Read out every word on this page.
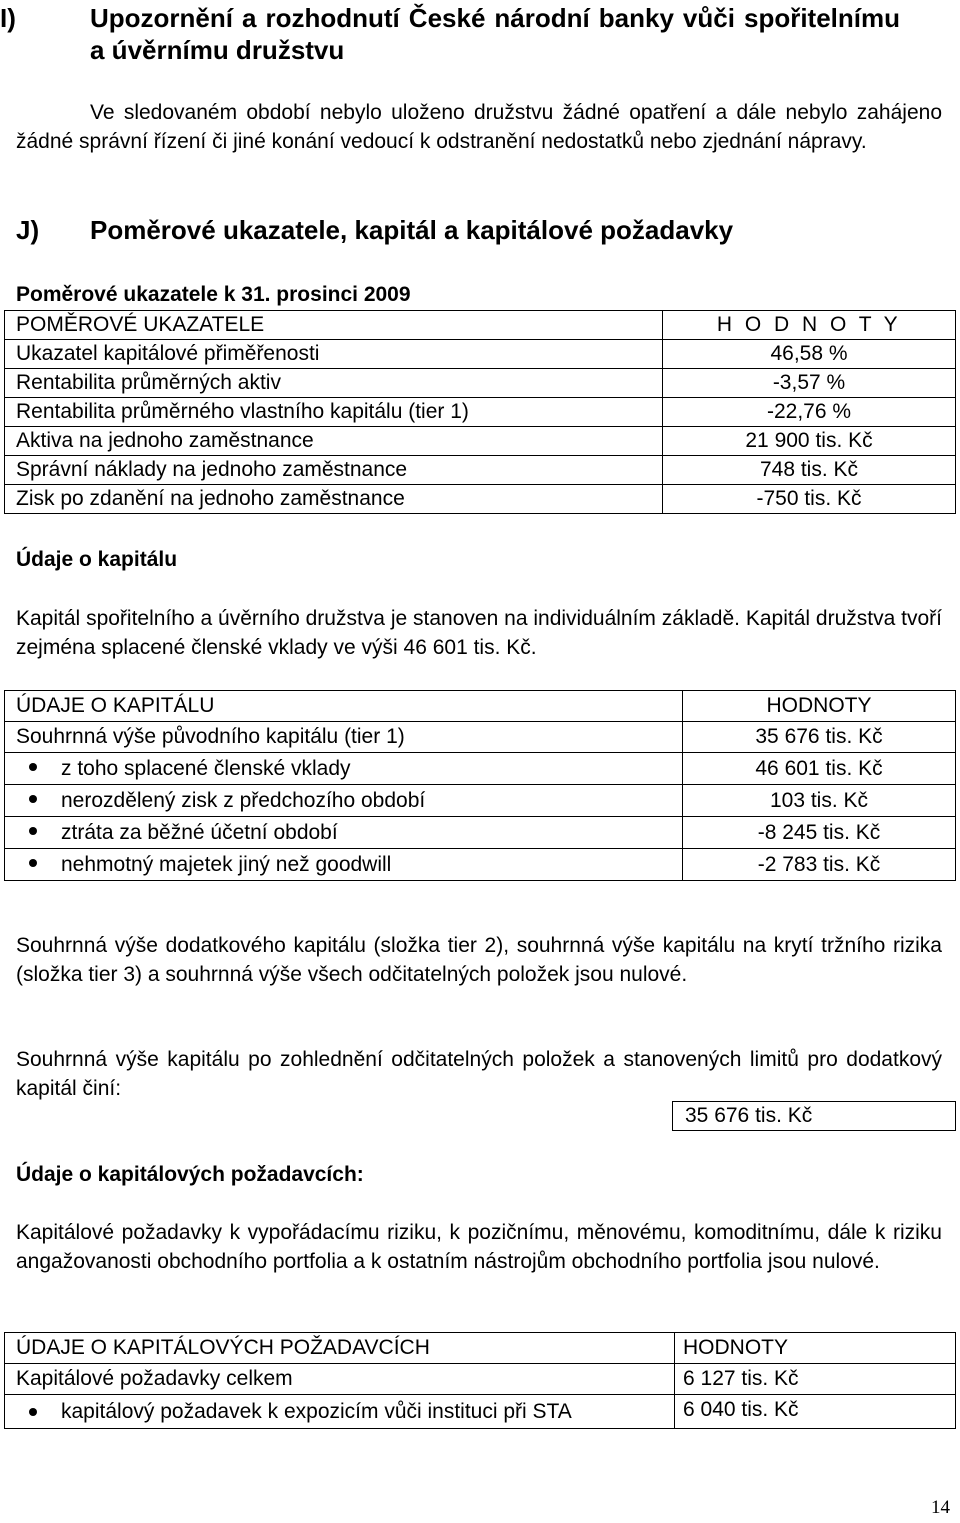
I)	Upozornění a rozhodnutí České národní banky vůči spořitelnímu a úvěrnímu družstvu

Ve sledovaném období nebylo uloženo družstvu žádné opatření a dále nebylo zahájeno žádné správní řízení či jiné konání vedoucí k odstranění nedostatků nebo zjednání nápravy.

J) Poměrové ukazatele, kapitál a kapitálové požadavky
Poměrové ukazatele k 31. prosinci 2009
POMĚROVÉ UKAZATELE	H O D N O T Y
Ukazatel kapitálové přiměřenosti	46,58 %
Rentabilita průměrných aktiv	-3,57 %
Rentabilita průměrného vlastního kapitálu (tier 1)	-22,76 %
Aktiva na jednoho zaměstnance	21 900 tis. Kč
Správní náklady na jednoho zaměstnance	748 tis. Kč
Zisk po zdanění na jednoho zaměstnance	-750 tis. Kč
Údaje o kapitálu

Kapitál spořitelního a úvěrního družstva je stanoven na individuálním základě. Kapitál družstva tvoří zejména splacené členské vklady ve výši 46 601 tis. Kč.

ÚDAJE O KAPITÁLU	HODNOTY
Souhrnná výše původního kapitálu (tier 1)	35 676 tis. Kč
z toho splacené členské vklady	46 601 tis. Kč
nerozdělený zisk z předchozího období	103 tis. Kč
ztráta za běžné účetní období	-8 245 tis. Kč
nehmotný majetek jiný než goodwill	-2 783 tis. Kč

Souhrnná výše dodatkového kapitálu (složka tier 2), souhrnná výše kapitálu na krytí tržního rizika (složka tier 3) a souhrnná výše všech odčitatelných položek jsou nulové.

Souhrnná výše kapitálu po zohlednění odčitatelných položek a stanovených limitů pro dodatkový kapitál činí:

35 676 tis. Kč
Údaje o kapitálových požadavcích:

Kapitálové požadavky k vypořádacímu riziku, k pozičnímu, měnovému, komoditnímu, dále k riziku angažovanosti obchodního portfolia a k ostatním nástrojům obchodního portfolia jsou nulové.

ÚDAJE O KAPITÁLOVÝCH POŽADAVCÍCH	HODNOTY
Kapitálové požadavky celkem	6 127 tis. Kč

kapitálový požadavek k expozicím vůči instituci při STA	6 040 tis. Kč
14
